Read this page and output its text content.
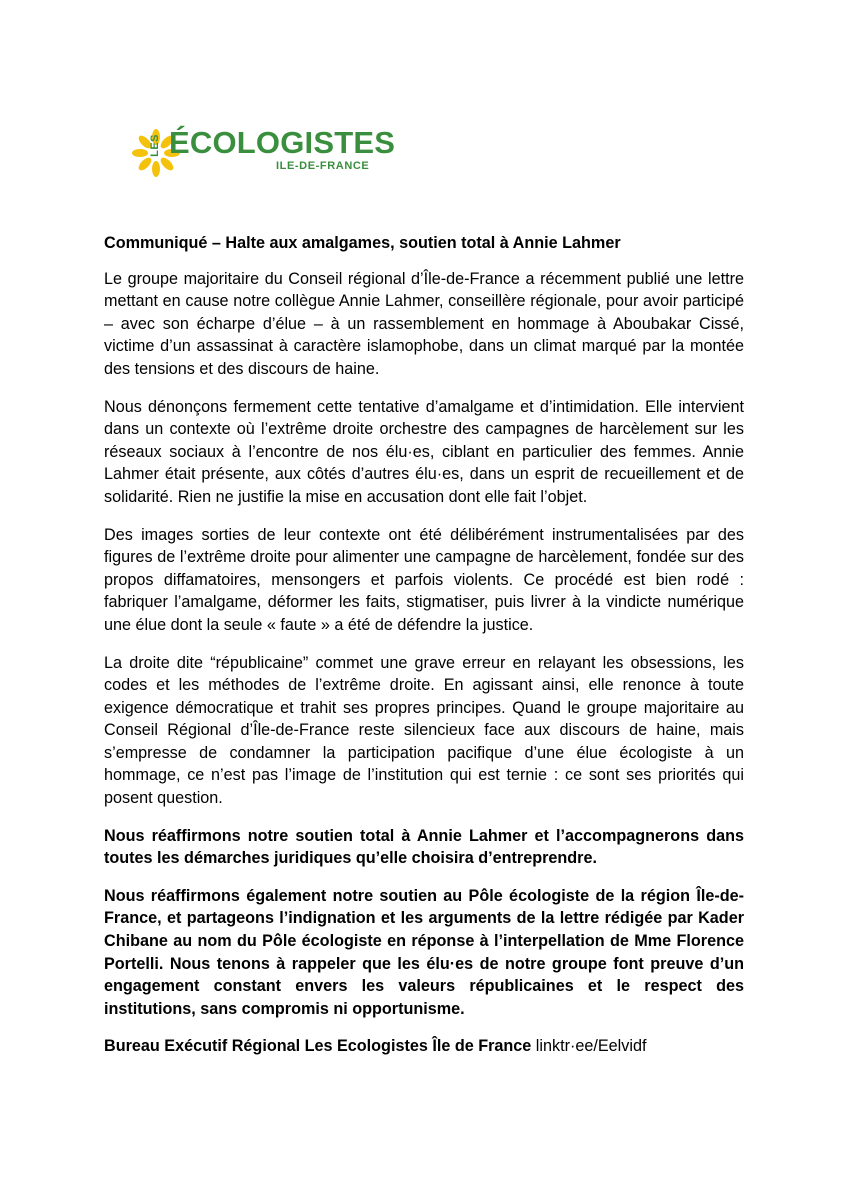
LES ÉCOLOGISTES
ILE-DE-FRANCE
Communiqué – Halte aux amalgames, soutien total à Annie Lahmer

Le groupe majoritaire du Conseil régional d’Île-de-France a récemment publié une lettre mettant en cause notre collègue Annie Lahmer, conseillère régionale, pour avoir participé – avec son écharpe d’élue – à un rassemblement en hommage à Aboubakar Cissé, victime d’un assassinat à caractère islamophobe, dans un climat marqué par la montée des tensions et des discours de haine.

Nous dénonçons fermement cette tentative d’amalgame et d’intimidation. Elle intervient dans un contexte où l’extrême droite orchestre des campagnes de harcèlement sur les réseaux sociaux à l’encontre de nos élu·es, ciblant en particulier des femmes. Annie Lahmer était présente, aux côtés d’autres élu·es, dans un esprit de recueillement et de solidarité. Rien ne justifie la mise en accusation dont elle fait l’objet.

Des images sorties de leur contexte ont été délibérément instrumentalisées par des figures de l’extrême droite pour alimenter une campagne de harcèlement, fondée sur des propos diffamatoires, mensongers et parfois violents. Ce procédé est bien rodé : fabriquer l’amalgame, déformer les faits, stigmatiser, puis livrer à la vindicte numérique une élue dont la seule « faute » a été de défendre la justice.

La droite dite “républicaine” commet une grave erreur en relayant les obsessions, les codes et les méthodes de l’extrême droite. En agissant ainsi, elle renonce à toute exigence démocratique et trahit ses propres principes. Quand le groupe majoritaire au Conseil Régional d’Île-de-France reste silencieux face aux discours de haine, mais s’empresse de condamner la participation pacifique d’une élue écologiste à un hommage, ce n’est pas l’image de l’institution qui est ternie : ce sont ses priorités qui posent question.

Nous réaffirmons notre soutien total à Annie Lahmer et l’accompagnerons dans toutes les démarches juridiques qu’elle choisira d’entreprendre.

Nous réaffirmons également notre soutien au Pôle écologiste de la région Île-de-France, et partageons l’indignation et les arguments de la lettre rédigée par Kader Chibane au nom du Pôle écologiste en réponse à l’interpellation de Mme Florence Portelli. Nous tenons à rappeler que les élu·es de notre groupe font preuve d’un engagement constant envers les valeurs républicaines et le respect des institutions, sans compromis ni opportunisme.

Bureau Exécutif Régional Les Ecologistes Île de France linktr·ee/Eelvidf
